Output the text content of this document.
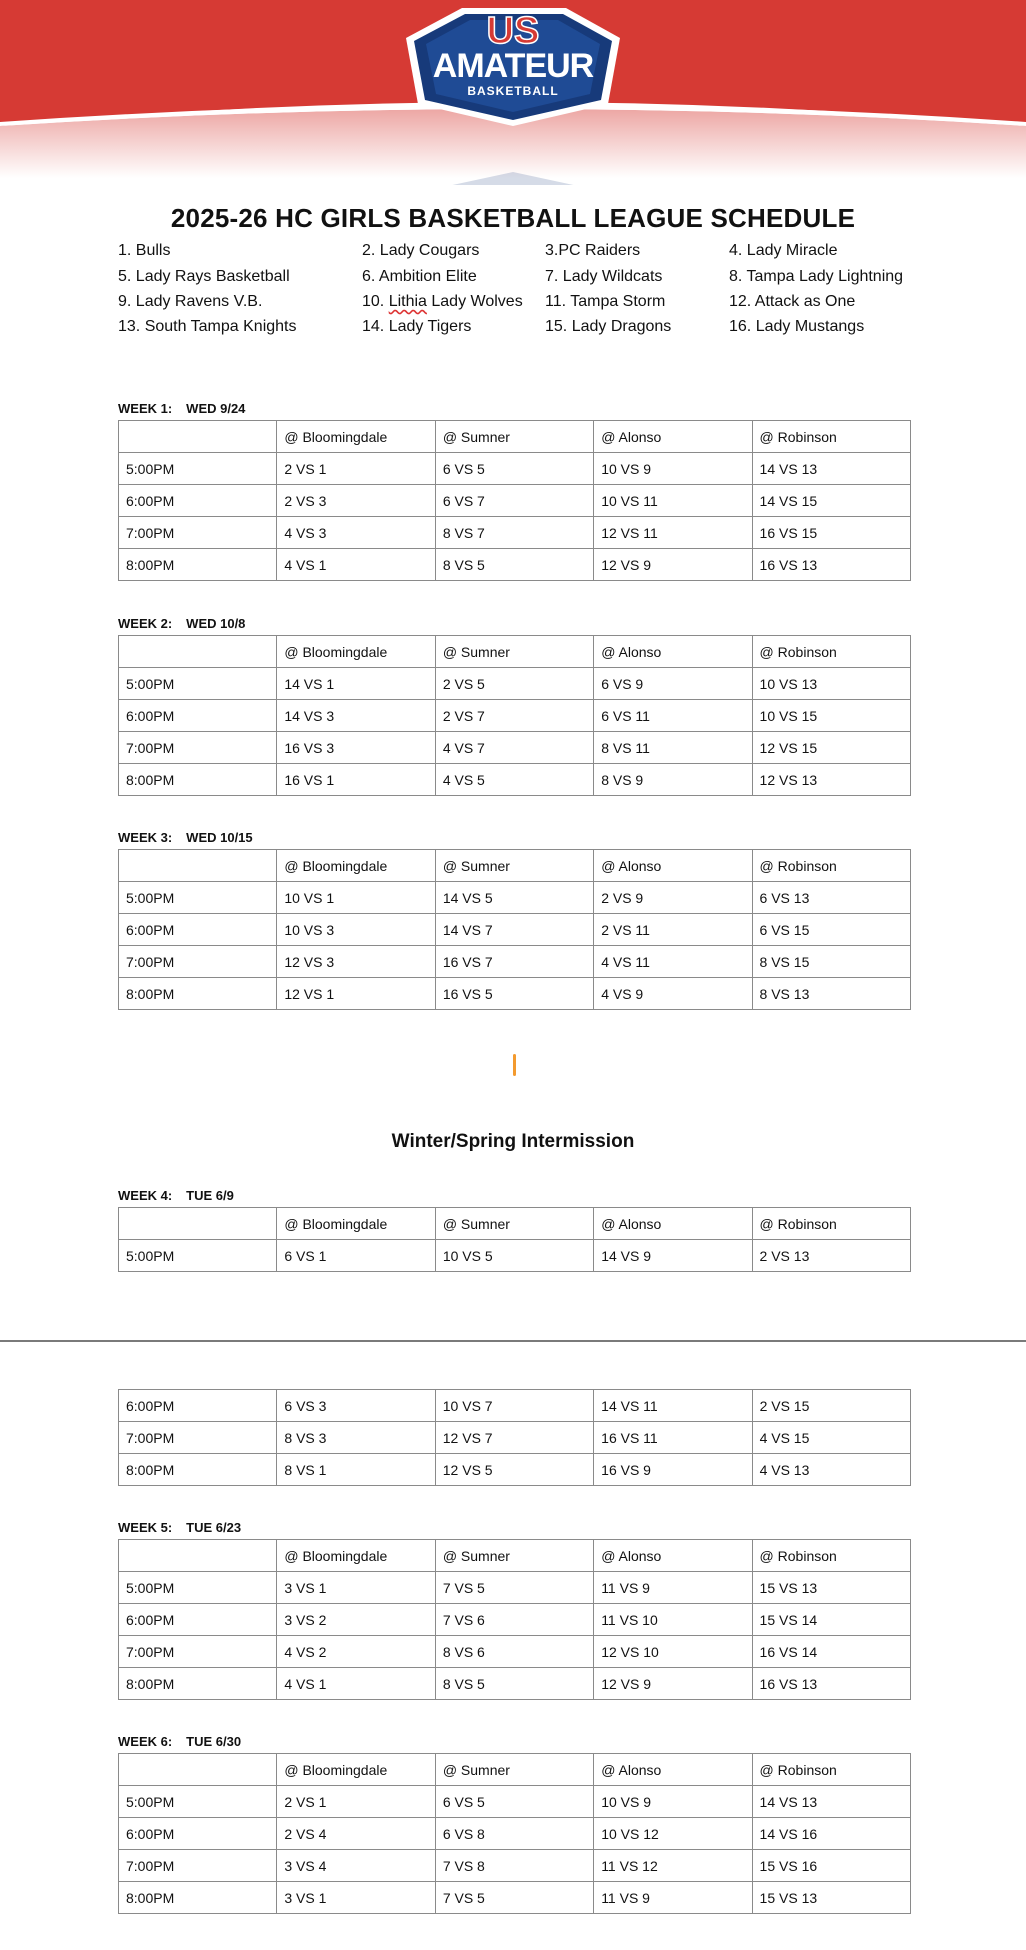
US
AMATEUR
BASKETBALL
2025-26 HC GIRLS BASKETBALL LEAGUE SCHEDULE
1. Bulls	2. Lady Cougars	3.PC Raiders	4. Lady Miracle
5. Lady Rays Basketball	6. Ambition Elite	7. Lady Wildcats	8. Tampa Lady Lightning
9. Lady Ravens V.B.	10. Lithia Lady Wolves 11. Tampa Storm	12. Attack as One
13. South Tampa Knights	14. Lady Tigers	15. Lady Dragons	16. Lady Mustangs
WEEK 1: WED 9/24
	@ Bloomingdale	@ Sumner	@ Alonso	@ Robinson
5:00PM	2 VS 1	6 VS 5	10 VS 9	14 VS 13
6:00PM	2 VS 3	6 VS 7	10 VS 11	14 VS 15
7:00PM	4 VS 3	8 VS 7	12 VS 11	16 VS 15
8:00PM	4 VS 1	8 VS 5	12 VS 9	16 VS 13
WEEK 2: WED 10/8
	@ Bloomingdale	@ Sumner	@ Alonso	@ Robinson
5:00PM	14 VS 1	2 VS 5	6 VS 9	10 VS 13
6:00PM	14 VS 3	2 VS 7	6 VS 11	10 VS 15
7:00PM	16 VS 3	4 VS 7	8 VS 11	12 VS 15
8:00PM	16 VS 1	4 VS 5	8 VS 9	12 VS 13
WEEK 3: WED 10/15
	@ Bloomingdale	@ Sumner	@ Alonso	@ Robinson
5:00PM	10 VS 1	14 VS 5	2 VS 9	6 VS 13
6:00PM	10 VS 3	14 VS 7	2 VS 11	6 VS 15
7:00PM	12 VS 3	16 VS 7	4 VS 11	8 VS 15
8:00PM	12 VS 1	16 VS 5	4 VS 9	8 VS 13
WEEK 4: TUE 6/9
	@ Bloomingdale	@ Sumner	@ Alonso	@ Robinson
5:00PM	6 VS 1	10 VS 5	14 VS 9	2 VS 13
Winter/Spring Intermission
6:00PM	6 VS 3	10 VS 7	14 VS 11	2 VS 15
7:00PM	8 VS 3	12 VS 7	16 VS 11	4 VS 15
8:00PM	8 VS 1	12 VS 5	16 VS 9	4 VS 13
WEEK 5: TUE 6/23
	@ Bloomingdale	@ Sumner	@ Alonso	@ Robinson
5:00PM	3 VS 1	7 VS 5	11 VS 9	15 VS 13
6:00PM	3 VS 2	7 VS 6	11 VS 10	15 VS 14
7:00PM	4 VS 2	8 VS 6	12 VS 10	16 VS 14
8:00PM	4 VS 1	8 VS 5	12 VS 9	16 VS 13
WEEK 6: TUE 6/30
	@ Bloomingdale	@ Sumner	@ Alonso	@ Robinson
5:00PM	2 VS 1	6 VS 5	10 VS 9	14 VS 13
6:00PM	2 VS 4	6 VS 8	10 VS 12	14 VS 16
7:00PM	3 VS 4	7 VS 8	11 VS 12	15 VS 16
8:00PM	3 VS 1	7 VS 5	11 VS 9	15 VS 13
